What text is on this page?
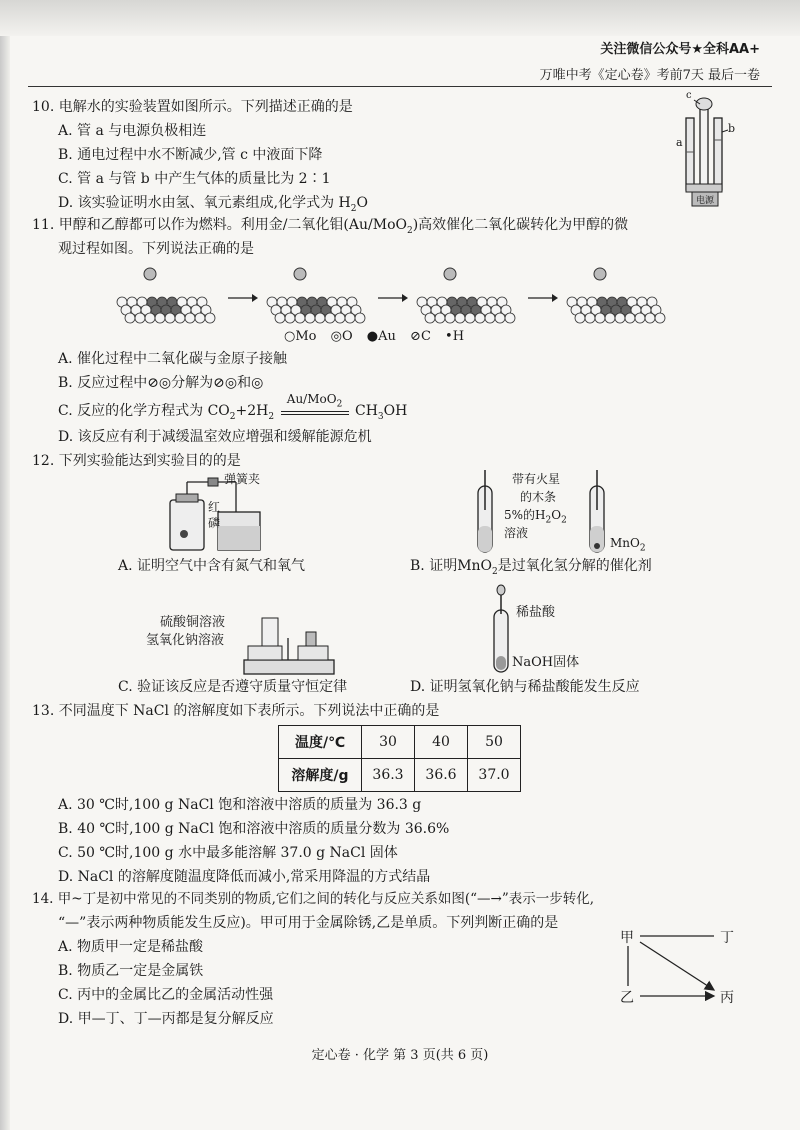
关注微信公众号★全科AA+
万唯中考《定心卷》考前7天 最后一卷
10. 电解水的实验装置如图所示。下列描述正确的是
A. 管 a 与电源负极相连
B. 通电过程中水不断减少,管 c 中液面下降
C. 管 a 与管 b 中产生气体的质量比为 2∶1
D. 该实验证明水由氢、氧元素组成,化学式为 $H_2O$
c
b
a
电源
11. 甲醇和乙醇都可以作为燃料。利用金/二氧化钼(Au/MoO$_2$)高效催化二氧化碳转化为甲醇的微
观过程如图。下列说法正确的是
○Mo ◎O ●Au ⊘C •H
A. 催化过程中二氧化碳与金原子接触
B. 反应过程中⊘◎分解为⊘◎和◎
C. 反应的化学方程式为 $CO_2+2H_2$
Au/MoO$_2$ $CH_3OH$
D. 该反应有利于减缓温室效应增强和缓解能源危机
12. 下列实验能达到实验目的的是
弹簧夹
红
磷
A. 证明空气中含有氮气和氧气
带有火星
的木条
5%的$H_2O_2$
溶液
MnO$_2$
B. 证明MnO$_2$是过氧化氢分解的催化剂
硫酸铜溶液
氢氧化钠溶液
C. 验证该反应是否遵守质量守恒定律
稀盐酸
NaOH固体
D. 证明氢氧化钠与稀盐酸能发生反应
13. 不同温度下 NaCl 的溶解度如下表所示。下列说法中正确的是
温度/℃	30	40	50
溶解度/g	36.3	36.6	37.0
A. 30 ℃时,100 g NaCl 饱和溶液中溶质的质量为 36.3 g
B. 40 ℃时,100 g NaCl 饱和溶液中溶质的质量分数为 36.6%
C. 50 ℃时,100 g 水中最多能溶解 37.0 g NaCl 固体
D. NaCl 的溶解度随温度降低而减小,常采用降温的方式结晶
14. 甲~丁是初中常见的不同类别的物质,它们之间的转化与反应关系如图(“—→”表示一步转化,
“—”表示两种物质能发生反应)。甲可用于金属除锈,乙是单质。下列判断正确的是
A. 物质甲一定是稀盐酸
B. 物质乙一定是金属铁
C. 丙中的金属比乙的金属活动性强
D. 甲—丁、丁—丙都是复分解反应
甲	丁
乙	丙
定心卷 · 化学 第 3 页(共 6 页)
